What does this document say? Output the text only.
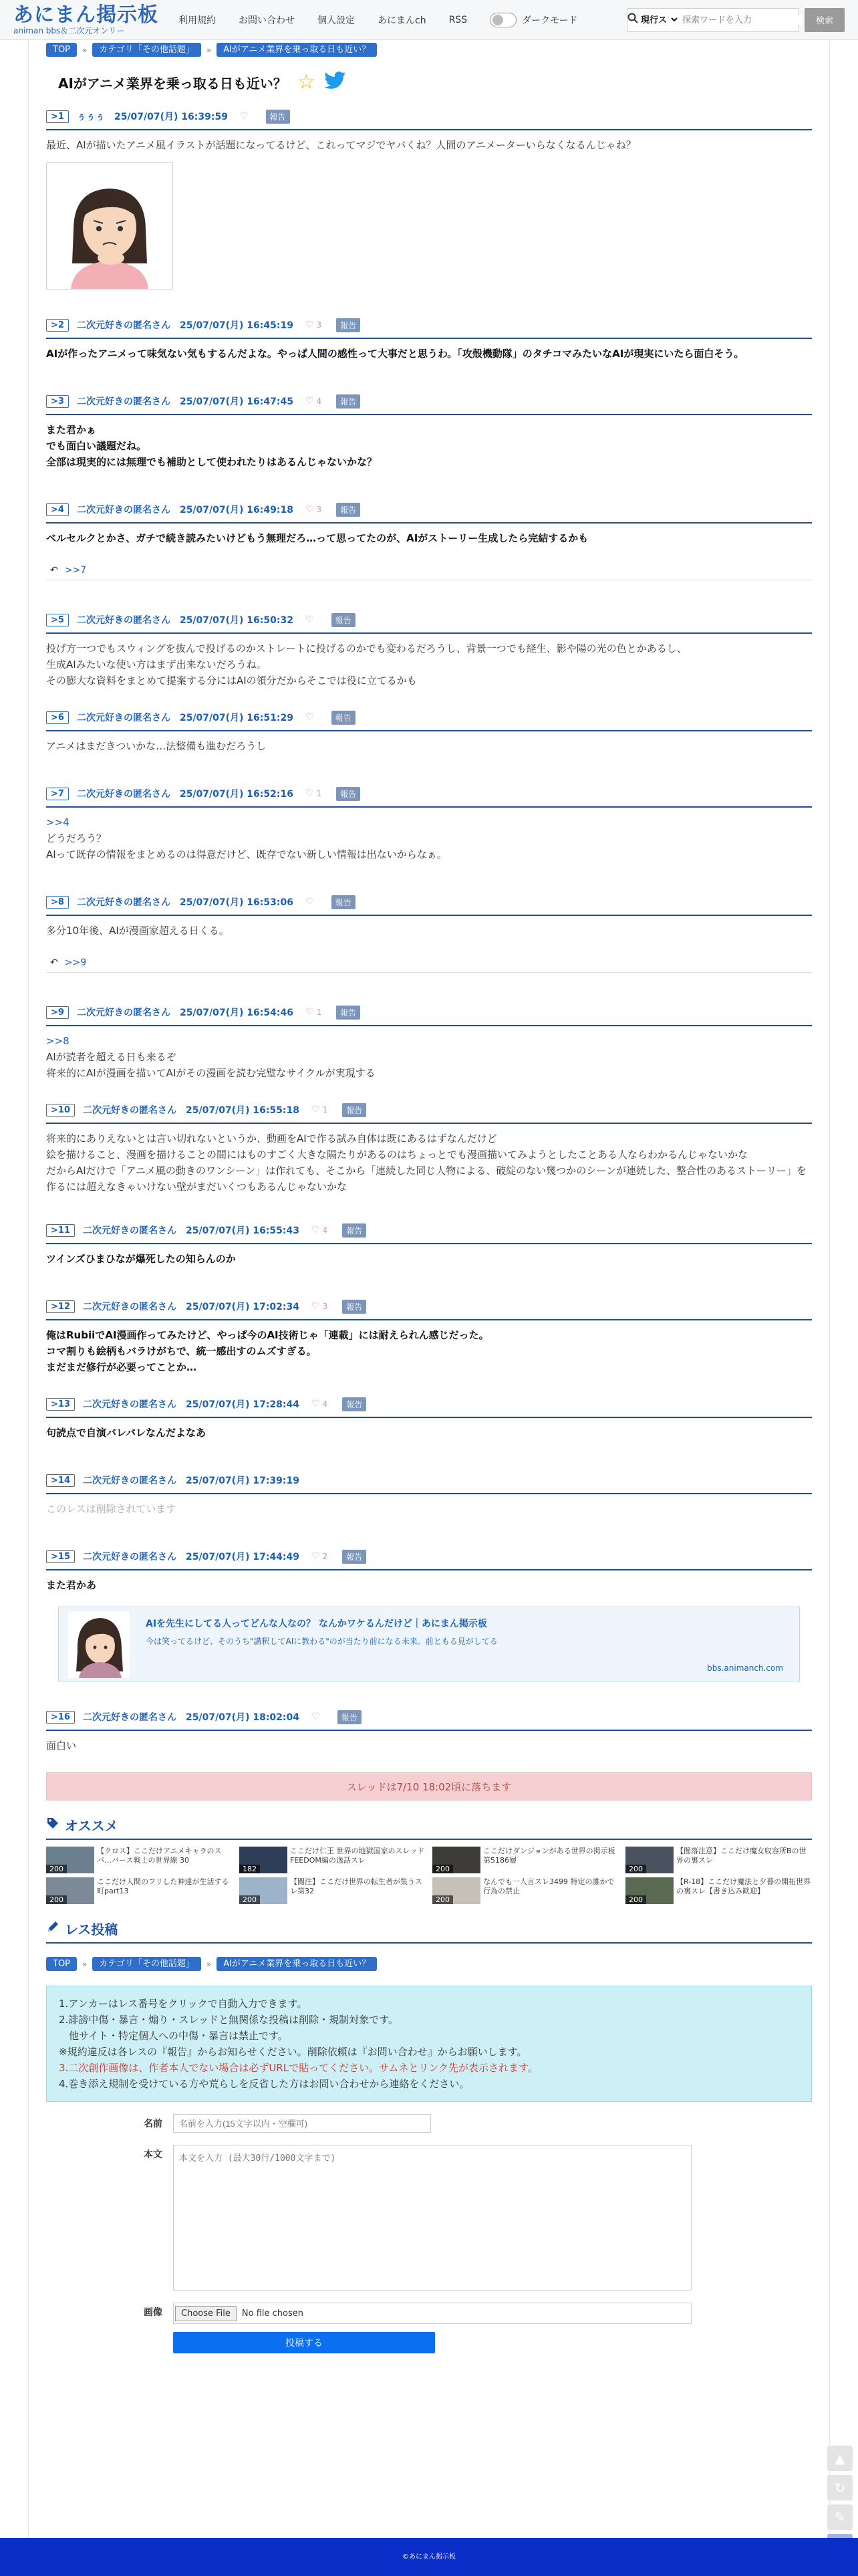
あにまん掲示板
animan bbs＆二次元オンリー
利用規約 お問い合わせ 個人設定 あにまんch RSS	ダークモード
現行スレ
探索ワードを入力	検索
TOP	»	カテゴリ「その他話題」	»	AIがアニメ業界を乗っ取る日も近い？
AIがアニメ業界を乗っ取る日も近い？ ☆
>1	ぅぅぅ 25/07/07(月) 16:39:59 ♡	報告
最近、AIが描いたアニメ風イラストが話題になってるけど、これってマジでヤバくね？人間のアニメーターいらなくなるんじゃね？
>2	二次元好きの匿名さん 25/07/07(月) 16:45:19 ♡ 3	報告
AIが作ったアニメって味気ない気もするんだよな。やっぱ人間の感性って大事だと思うわ。「攻殻機動隊」のタチコマみたいなAIが現実にいたら面白そう。
>3	二次元好きの匿名さん 25/07/07(月) 16:47:45 ♡ 4	報告
また君かぁ
でも面白い議題だね。
全部は現実的には無理でも補助として使われたりはあるんじゃないかな？
>4	二次元好きの匿名さん 25/07/07(月) 16:49:18 ♡ 3	報告
ベルセルクとかさ、ガチで続き読みたいけどもう無理だろ…って思ってたのが、AIがストーリー生成したら完結するかも
↶ >>7
>5	二次元好きの匿名さん 25/07/07(月) 16:50:32 ♡	報告
投げ方一つでもスウィングを抜んで投げるのかストレートに投げるのかでも変わるだろうし、背景一つでも経生、影や陽の光の色とかあるし、
生成AIみたいな使い方はまず出来ないだろうね。
その膨大な資料をまとめて提案する分にはAIの領分だからそこでは役に立てるかも
>6	二次元好きの匿名さん 25/07/07(月) 16:51:29 ♡	報告
アニメはまだきついかな…法整備も進むだろうし
>7	二次元好きの匿名さん 25/07/07(月) 16:52:16 ♡ 1	報告
>>4
どうだろう？
AIって既存の情報をまとめるのは得意だけど、既存でない新しい情報は出ないからなぁ。
>8	二次元好きの匿名さん 25/07/07(月) 16:53:06 ♡	報告
多分10年後、AIが漫画家超える日くる。
↶ >>9
>9	二次元好きの匿名さん 25/07/07(月) 16:54:46 ♡ 1	報告
>>8
AIが読者を超える日も来るぞ
将来的にAIが漫画を描いてAIがその漫画を読む完璧なサイクルが実現する
>10	二次元好きの匿名さん 25/07/07(月) 16:55:18 ♡ 1	報告
将来的にありえないとは言い切れないというか、動画をAIで作る試み自体は既にあるはずなんだけど
絵を描けること、漫画を描けることの間にはものすごく大きな隔たりがあるのはちょっとでも漫画描いてみようとしたことある人ならわかるんじゃないかな
だからAIだけで「アニメ風の動きのワンシーン」は作れても、そこから「連続した同じ人物による、破綻のない幾つかのシーンが連続した、整合性のあるストーリー」を作るには超えなきゃいけない壁がまだいくつもあるんじゃないかな
>11	二次元好きの匿名さん 25/07/07(月) 16:55:43 ♡ 4	報告
ツインズひまひなが爆死したの知らんのか
>12	二次元好きの匿名さん 25/07/07(月) 17:02:34 ♡ 3	報告
俺はRubiiでAI漫画作ってみたけど、やっぱ今のAI技術じゃ「連載」には耐えられん感じだった。
コマ割りも絵柄もバラけがちで、統一感出すのムズすぎる。
まだまだ修行が必要ってことか…
>13	二次元好きの匿名さん 25/07/07(月) 17:28:44 ♡ 4	報告
句読点で自演バレバレなんだよなあ
>14	二次元好きの匿名さん 25/07/07(月) 17:39:19
このレスは削除されています
>15	二次元好きの匿名さん 25/07/07(月) 17:44:49 ♡ 2	報告
また君かあ
AIを先生にしてる人ってどんな人なの？ なんかワケるんだけど｜あにまん掲示板
今は笑ってるけど、そのうち"講釈してAIに教わる"のが当たり前になる未来。前ともる見がしてる
bbs.animanch.com
>16	二次元好きの匿名さん 25/07/07(月) 18:02:04 ♡	報告
面白い
スレッドは7/10 18:02頃に落ちます
オススメ
200
【クロス】ここだけアニメキャラのスパ…バース戦士の世界線 30
182
ここだけ仁王 世界の地獄国家のスレッドFEEDOM編の逸話スレ
200
ここだけダンジョンがある世界の掲示板 第5186層
200
【闇落注意】ここだけ魔女収容所Bの世界の裏スレ
200
ここだけ人間のフリした神達が生活する町part13
200
【閲注】ここだけ世界の転生者が集うスレ第32
200
なんでも一人言スレ3499 特定の誰かで行為の禁止
200
【R-18】ここだけ魔法と夕暮の開拓世界の裏スレ【書き込み歓迎】
レス投稿
TOP	»	カテゴリ「その他話題」	»	AIがアニメ業界を乗っ取る日も近い？
1.アンカーはレス番号をクリックで自動入力できます。
2.誹謗中傷・暴言・煽り・スレッドと無関係な投稿は削除・規制対象です。
　他サイト・特定個人への中傷・暴言は禁止です。
※規約違反は各レスの『報告』からお知らせください。削除依頼は『お問い合わせ』からお願いします。
3.二次創作画像は、作者本人でない場合は必ずURLで貼ってください。サムネとリンク先が表示されます。
4.巻き添え規制を受けている方や荒らしを反省した方はお問い合わせから連絡をください。
名前
名前を入力(15文字以内・空欄可)
本文
本文を入力 (最大30行/1000文字まで)
画像	Choose File	No file chosen
投稿する
▲
↻
✎
©あにまん掲示板
